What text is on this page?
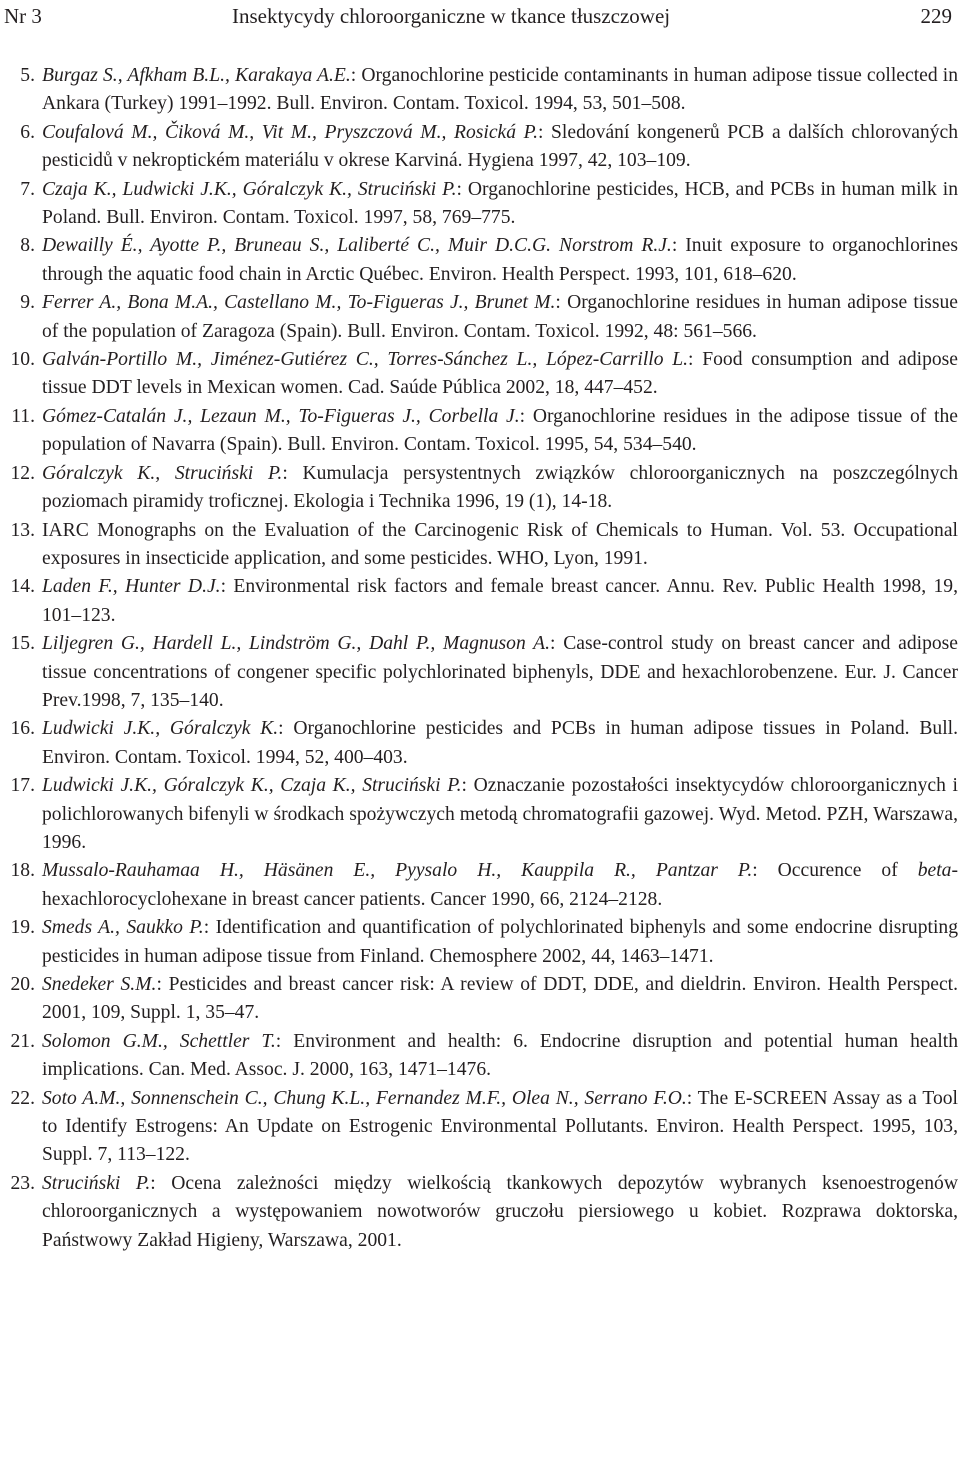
Nr 3	Insektycydy chloroorganiczne w tkance tłuszczowej	229
5. Burgaz S., Afkham B.L., Karakaya A.E.: Organochlorine pesticide contaminants in human adipose tissue collected in Ankara (Turkey) 1991–1992. Bull. Environ. Contam. Toxicol. 1994, 53, 501–508.
6. Coufalová M., Čiková M., Vit M., Pryszczová M., Rosická P.: Sledování kongenerů PCB a dalších chlorovaných pesticidů v nekroptickém materiálu v okrese Karviná. Hygiena 1997, 42, 103–109.
7. Czaja K., Ludwicki J.K., Góralczyk K., Struciński P.: Organochlorine pesticides, HCB, and PCBs in human milk in Poland. Bull. Environ. Contam. Toxicol. 1997, 58, 769–775.
8. Dewailly É., Ayotte P., Bruneau S., Laliberté C., Muir D.C.G. Norstrom R.J.: Inuit exposure to organochlorines through the aquatic food chain in Arctic Québec. Environ. Health Perspect. 1993, 101, 618–620.
9. Ferrer A., Bona M.A., Castellano M., To-Figueras J., Brunet M.: Organochlorine residues in human adipose tissue of the population of Zaragoza (Spain). Bull. Environ. Contam. Toxicol. 1992, 48: 561–566.
10. Galván-Portillo M., Jiménez-Gutiérez C., Torres-Sánchez L., López-Carrillo L.: Food consumption and adipose tissue DDT levels in Mexican women. Cad. Saúde Pública 2002, 18, 447–452.
11. Gómez-Catalán J., Lezaun M., To-Figueras J., Corbella J.: Organochlorine residues in the adipose tissue of the population of Navarra (Spain). Bull. Environ. Contam. Toxicol. 1995, 54, 534–540.
12. Góralczyk K., Struciński P.: Kumulacja persystentnych związków chloroorganicznych na poszczególnych poziomach piramidy troficznej. Ekologia i Technika 1996, 19 (1), 14-18.
13. IARC Monographs on the Evaluation of the Carcinogenic Risk of Chemicals to Human. Vol. 53. Occupational exposures in insecticide application, and some pesticides. WHO, Lyon, 1991.
14. Laden F., Hunter D.J.: Environmental risk factors and female breast cancer. Annu. Rev. Public Health 1998, 19, 101–123.
15. Liljegren G., Hardell L., Lindström G., Dahl P., Magnuson A.: Case-control study on breast cancer and adipose tissue concentrations of congener specific polychlorinated biphenyls, DDE and hexachlorobenzene. Eur. J. Cancer Prev.1998, 7, 135–140.
16. Ludwicki J.K., Góralczyk K.: Organochlorine pesticides and PCBs in human adipose tissues in Poland. Bull. Environ. Contam. Toxicol. 1994, 52, 400–403.
17. Ludwicki J.K., Góralczyk K., Czaja K., Struciński P.: Oznaczanie pozostałości insektycydów chloroorganicznych i polichlorowanych bifenyli w środkach spożywczych metodą chromatografii gazowej. Wyd. Metod. PZH, Warszawa, 1996.
18. Mussalo-Rauhamaa H., Häsänen E., Pyysalo H., Kauppila R., Pantzar P.: Occurence of beta-hexachlorocyclohexane in breast cancer patients. Cancer 1990, 66, 2124–2128.
19. Smeds A., Saukko P.: Identification and quantification of polychlorinated biphenyls and some endocrine disrupting pesticides in human adipose tissue from Finland. Chemosphere 2002, 44, 1463–1471.
20. Snedeker S.M.: Pesticides and breast cancer risk: A review of DDT, DDE, and dieldrin. Environ. Health Perspect. 2001, 109, Suppl. 1, 35–47.
21. Solomon G.M., Schettler T.: Environment and health: 6. Endocrine disruption and potential human health implications. Can. Med. Assoc. J. 2000, 163, 1471–1476.
22. Soto A.M., Sonnenschein C., Chung K.L., Fernandez M.F., Olea N., Serrano F.O.: The E-SCREEN Assay as a Tool to Identify Estrogens: An Update on Estrogenic Environmental Pollutants. Environ. Health Perspect. 1995, 103, Suppl. 7, 113–122.
23. Struciński P.: Ocena zależności między wielkością tkankowych depozytów wybranych ksenoestrogenów chloroorganicznych a występowaniem nowotworów gruczołu piersiowego u kobiet. Rozprawa doktorska, Państwowy Zakład Higieny, Warszawa, 2001.
